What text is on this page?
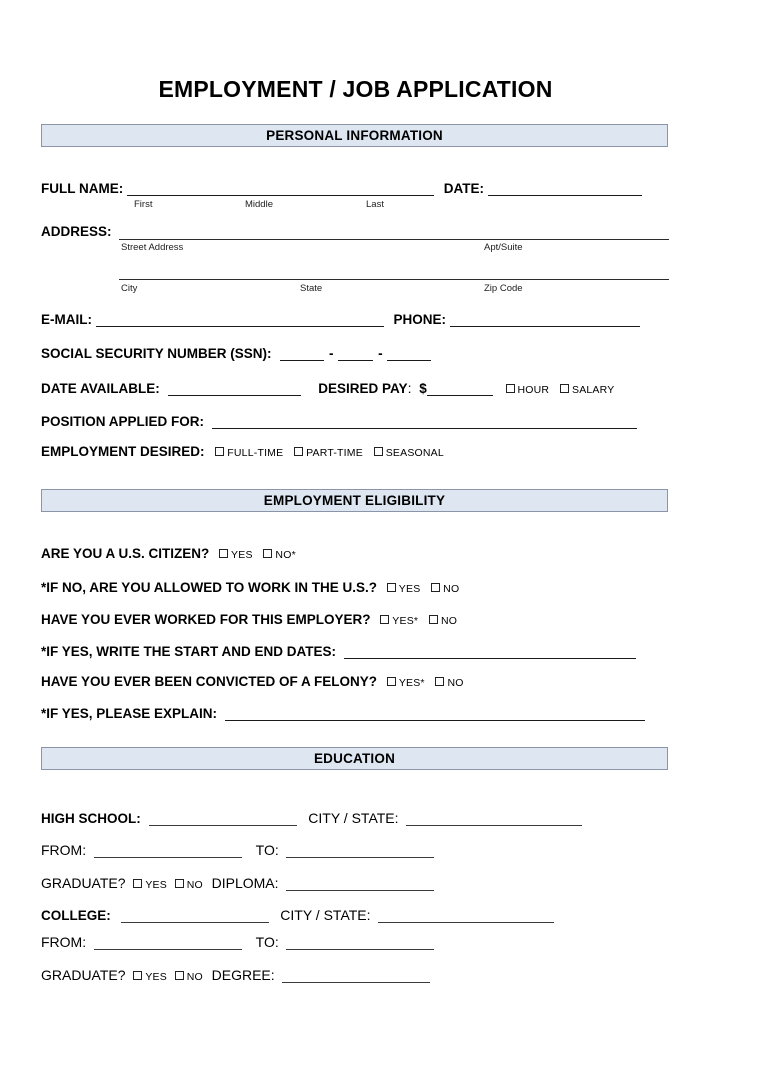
EMPLOYMENT / JOB APPLICATION
PERSONAL INFORMATION
FULL NAME:	DATE:
First	Middle	Last
ADDRESS:
Street Address	Apt/Suite
City	State	Zip Code
E-MAIL:	PHONE:
SOCIAL SECURITY NUMBER (SSN):	-	-
DATE AVAILABLE:	DESIRED PAY: $	HOUR SALARY
POSITION APPLIED FOR:
EMPLOYMENT DESIRED: FULL-TIME PART-TIME SEASONAL
EMPLOYMENT ELIGIBILITY
ARE YOU A U.S. CITIZEN? YES NO*
*IF NO, ARE YOU ALLOWED TO WORK IN THE U.S.? YES NO
HAVE YOU EVER WORKED FOR THIS EMPLOYER? YES* NO
*IF YES, WRITE THE START AND END DATES:
HAVE YOU EVER BEEN CONVICTED OF A FELONY? YES* NO
*IF YES, PLEASE EXPLAIN:
EDUCATION
HIGH SCHOOL:	CITY / STATE:
FROM:	TO:
GRADUATE? YES NO DIPLOMA:
COLLEGE:	CITY / STATE:
FROM:	TO:
GRADUATE? YES NO DEGREE:
